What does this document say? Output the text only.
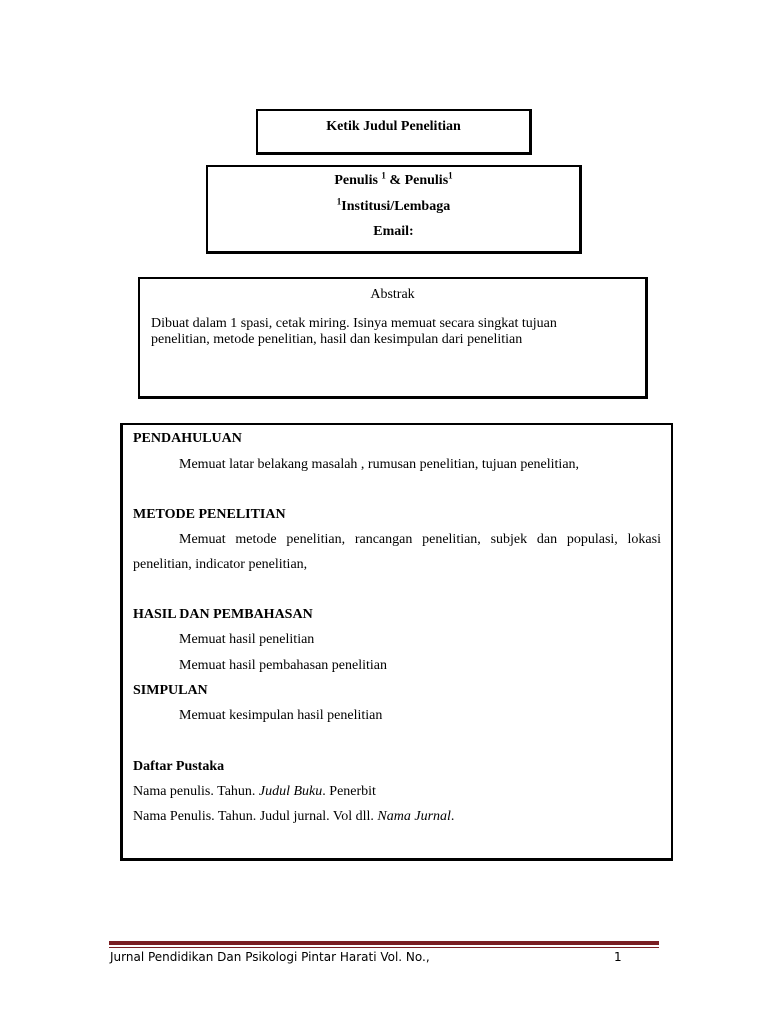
Ketik Judul Penelitian
Penulis $^1$ & Penulis$^1$
$^1$Institusi/Lembaga
Email:
Abstrak
Dibuat dalam 1 spasi, cetak miring. Isinya memuat secara singkat tujuan
penelitian, metode penelitian, hasil dan kesimpulan dari penelitian
PENDAHULUAN
Memuat latar belakang masalah , rumusan penelitian, tujuan penelitian,
METODE PENELITIAN
Memuat metode penelitian, rancangan penelitian, subjek dan populasi, lokasi
penelitian, indicator penelitian,
HASIL DAN PEMBAHASAN
Memuat hasil penelitian
Memuat hasil pembahasan penelitian
SIMPULAN
Memuat kesimpulan hasil penelitian
Daftar Pustaka
Nama penulis. Tahun. Judul Buku. Penerbit
Nama Penulis. Tahun. Judul jurnal. Vol dll. Nama Jurnal.
Jurnal Pendidikan Dan Psikologi Pintar Harati Vol. No.,	1
